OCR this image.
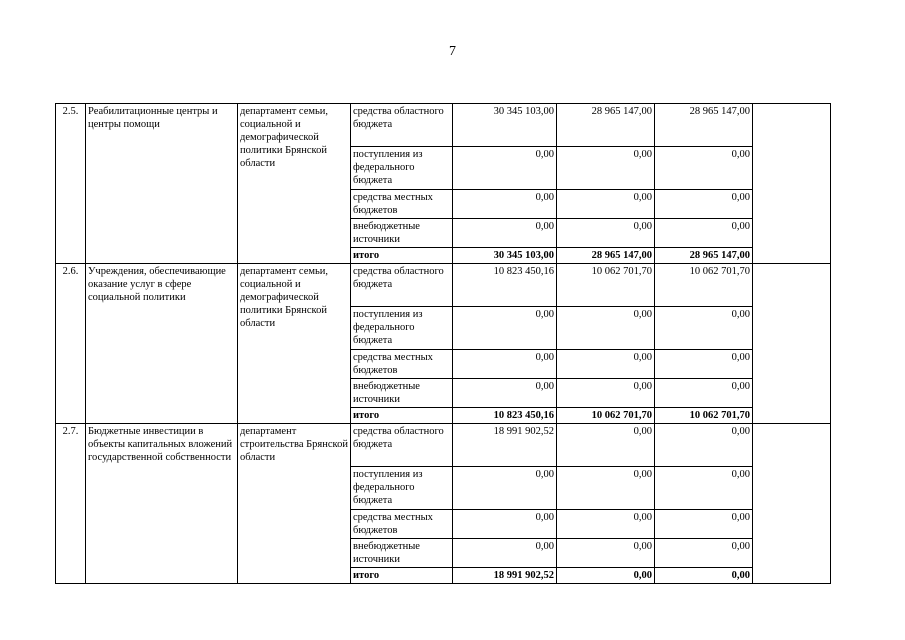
7
2.5.	Реабилитационные центры и центры помощи	департамент семьи, социальной и демографической политики Брянской области	средства областного бюджета	30 345 103,00	28 965 147,00	28 965 147,00	
			поступления из федерального бюджета	0,00	0,00	0,00	
			средства местных бюджетов	0,00	0,00	0,00	
			внебюджетные источники	0,00	0,00	0,00	
			итого	30 345 103,00	28 965 147,00	28 965 147,00	
2.6.	Учреждения, обеспечивающие оказание услуг в сфере социальной политики	департамент семьи, социальной и демографической политики Брянской области	средства областного бюджета	10 823 450,16	10 062 701,70	10 062 701,70	
			поступления из федерального бюджета	0,00	0,00	0,00	
			средства местных бюджетов	0,00	0,00	0,00	
			внебюджетные источники	0,00	0,00	0,00	
			итого	10 823 450,16	10 062 701,70	10 062 701,70	
2.7.	Бюджетные инвестиции в объекты капитальных вложений государственной собственности	департамент строительства Брянской области	средства областного бюджета	18 991 902,52	0,00	0,00	
			поступления из федерального бюджета	0,00	0,00	0,00	
			средства местных бюджетов	0,00	0,00	0,00	
			внебюджетные источники	0,00	0,00	0,00	
			итого	18 991 902,52	0,00	0,00	
